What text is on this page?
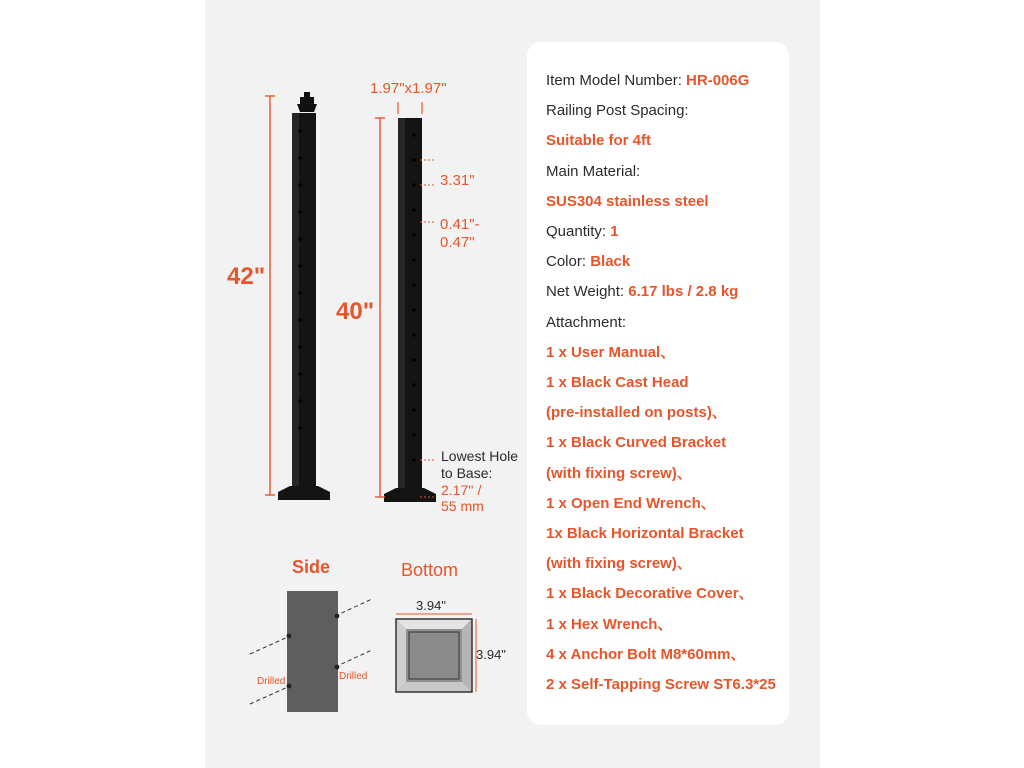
42"
40"
1.97"x1.97"
3.31"
0.41"-
0.47"
Lowest Hole
to Base:
2.17'' /
55 mm
Side	Bottom
Drilled	Drilled
3.94"
3.94"
Item Model Number: HR-006G
Railing Post Spacing:
Suitable for 4ft
Main Material:
SUS304 stainless steel
Quantity: 1
Color: Black
Net Weight: 6.17 lbs / 2.8 kg
Attachment:
1 x User Manual、
1 x Black Cast Head
(pre-installed on posts)、
1 x Black Curved Bracket
(with fixing screw)、
1 x Open End Wrench、
1x Black Horizontal Bracket
(with fixing screw)、
1 x Black Decorative Cover、
1 x Hex Wrench、
4 x Anchor Bolt M8*60mm、
2 x Self-Tapping Screw ST6.3*25
